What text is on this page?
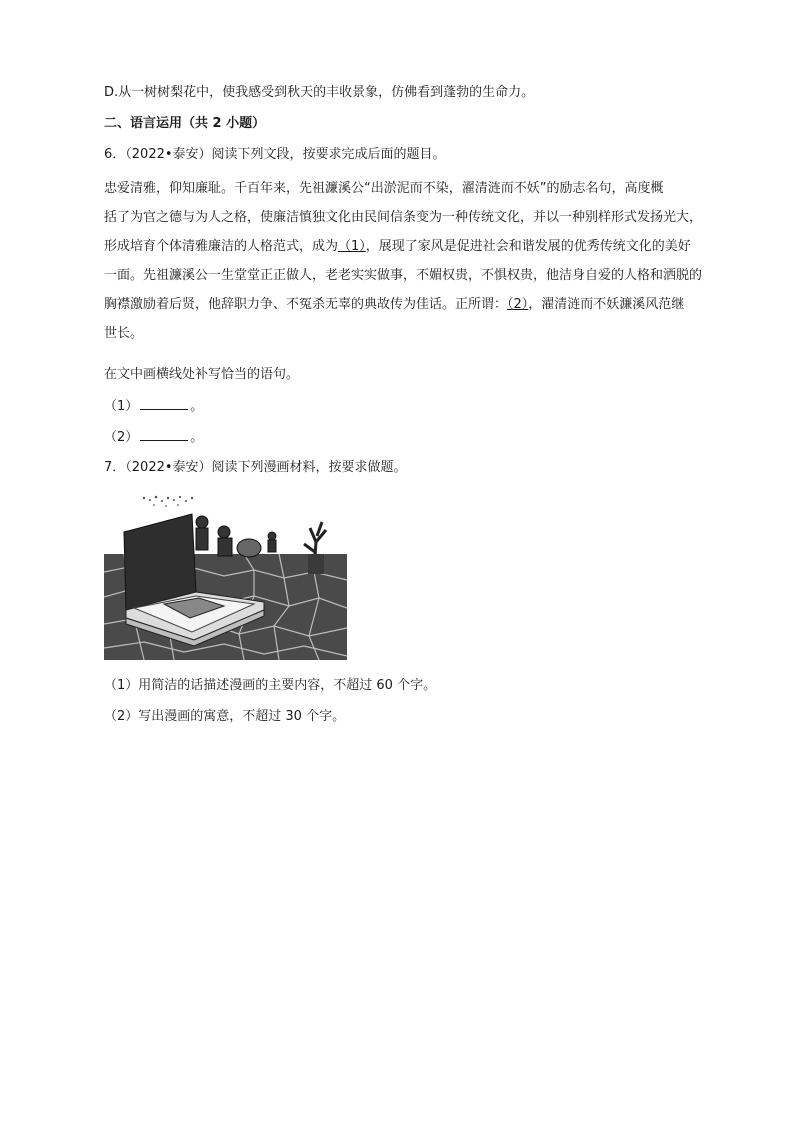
D.从一树树梨花中，使我感受到秋天的丰收景象，仿佛看到蓬勃的生命力。
二、语言运用（共 2 小题）
6．（2022•泰安）阅读下列文段，按要求完成后面的题目。
忠爱清雅，仰知廉耻。千百年来，先祖濂溪公“出淤泥而不染，濯清涟而不妖”的励志名句，高度概
括了为官之德与为人之格，使廉洁慎独文化由民间信条变为一种传统文化，并以一种别样形式发扬光大，
形成培育个体清雅廉洁的人格范式，成为（1），展现了家风是促进社会和谐发展的优秀传统文化的美好
一面。先祖濂溪公一生堂堂正正做人，老老实实做事，不媚权贵，不惧权贵，他洁身自爱的人格和洒脱的
胸襟激励着后贤，他辞职力争、不冤杀无辜的典故传为佳话。正所谓：（2），濯清涟而不妖濂溪风范继
世长。
在文中画横线处补写恰当的语句。
（1）	。
（2）	。
7．（2022•泰安）阅读下列漫画材料，按要求做题。
（1）用简洁的话描述漫画的主要内容，不超过 60 个字。
（2）写出漫画的寓意，不超过 30 个字。
